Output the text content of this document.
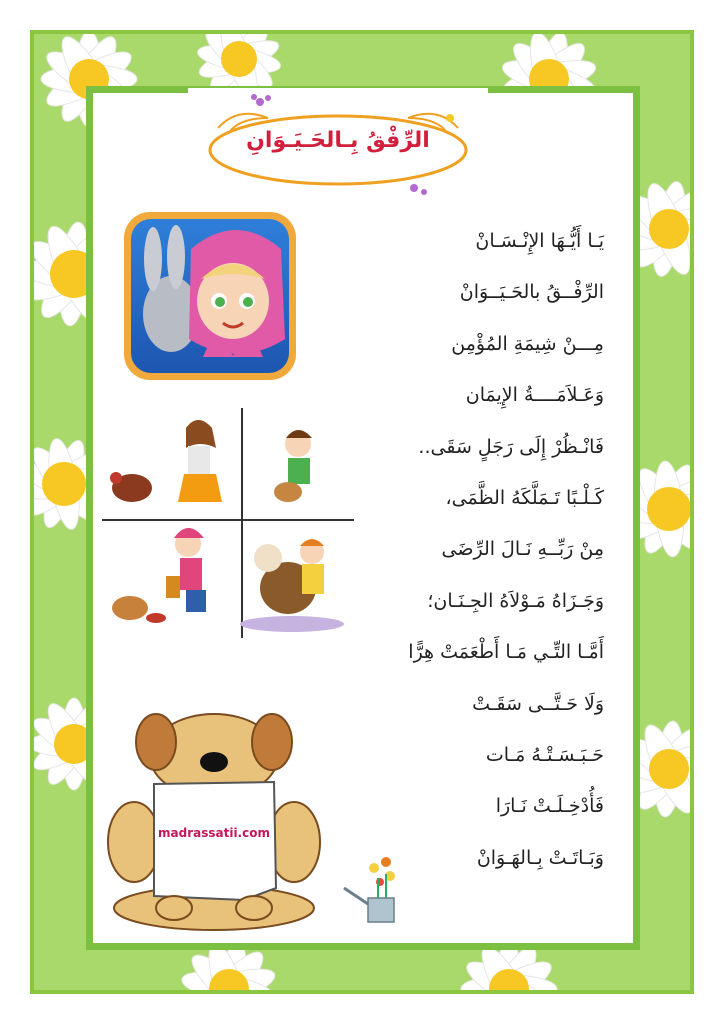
الرِّفْقُ بِـالحَـيَـوَانِ
يَـا أَيُّـهَا الإِنْـسَـانْ
الرِّفْــقُ بالحَـيَــوَانْ
مِـــنْ شِيمَةِ المُؤْمِن
وَعَـلاَمَــــةُ الإِيمَان
فَانْـظُرْ إِلَى رَجَلٍ سَقَى..
كَـلْـبًا تَـمَلَّكَهُ الظَّمَى،
مِنْ رَبِّــهِ نَـالَ الرِّضَى
وَجَـزَاهُ مَـوْلاَهُ الجِـنَـان؛
أَمَّـا التِّـي مَـا أَطْعَمَتْ هِرًّا
وَلَا حَـتَّــى سَقَـتْ
حَـبَـسَـتْـهُ مَـات
فَأُدْخِـلَـتْ نَـارَا
وَبَـاتَـتْ بِـالهَـوَانْ
madrassatii.com
